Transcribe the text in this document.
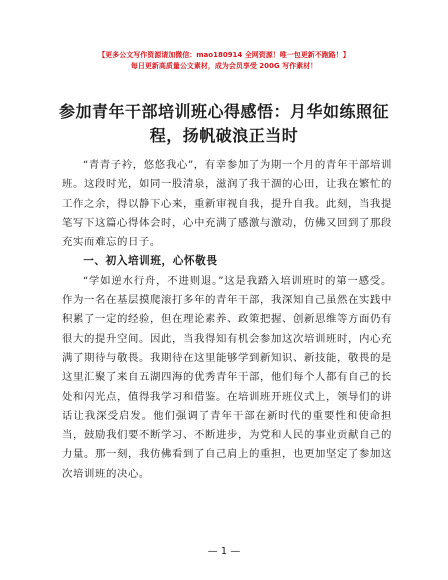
【更多公文写作资源请加微信：mao180914 全网资源！唯一包更新不跑路！】
每日更新高质量公文素材，成为会员享受 200G 写作素材！
参加青年干部培训班心得感悟：月华如练照征程，扬帆破浪正当时

“青青子衿，悠悠我心”，有幸参加了为期一个月的青年干部培训班。这段时光，如同一股清泉，滋润了我干涸的心田，让我在繁忙的工作之余，得以静下心来，重新审视自我，提升自我。此刻，当我提笔写下这篇心得体会时，心中充满了感激与激动，仿佛又回到了那段充实而难忘的日子。

一、初入培训班，心怀敬畏

“学如逆水行舟，不进则退。”这是我踏入培训班时的第一感受。作为一名在基层摸爬滚打多年的青年干部，我深知自己虽然在实践中积累了一定的经验，但在理论素养、政策把握、创新思维等方面仍有很大的提升空间。因此，当我得知有机会参加这次培训班时，内心充满了期待与敬畏。我期待在这里能够学到新知识、新技能，敬畏的是这里汇聚了来自五湖四海的优秀青年干部，他们每个人都有自己的长处和闪光点，值得我学习和借鉴。在培训班开班仪式上，领导们的讲话让我深受启发。他们强调了青年干部在新时代的重要性和使命担当，鼓励我们要不断学习、不断进步，为党和人民的事业贡献自己的力量。那一刻，我仿佛看到了自己肩上的重担，也更加坚定了参加这次培训班的决心。

— 1 —
